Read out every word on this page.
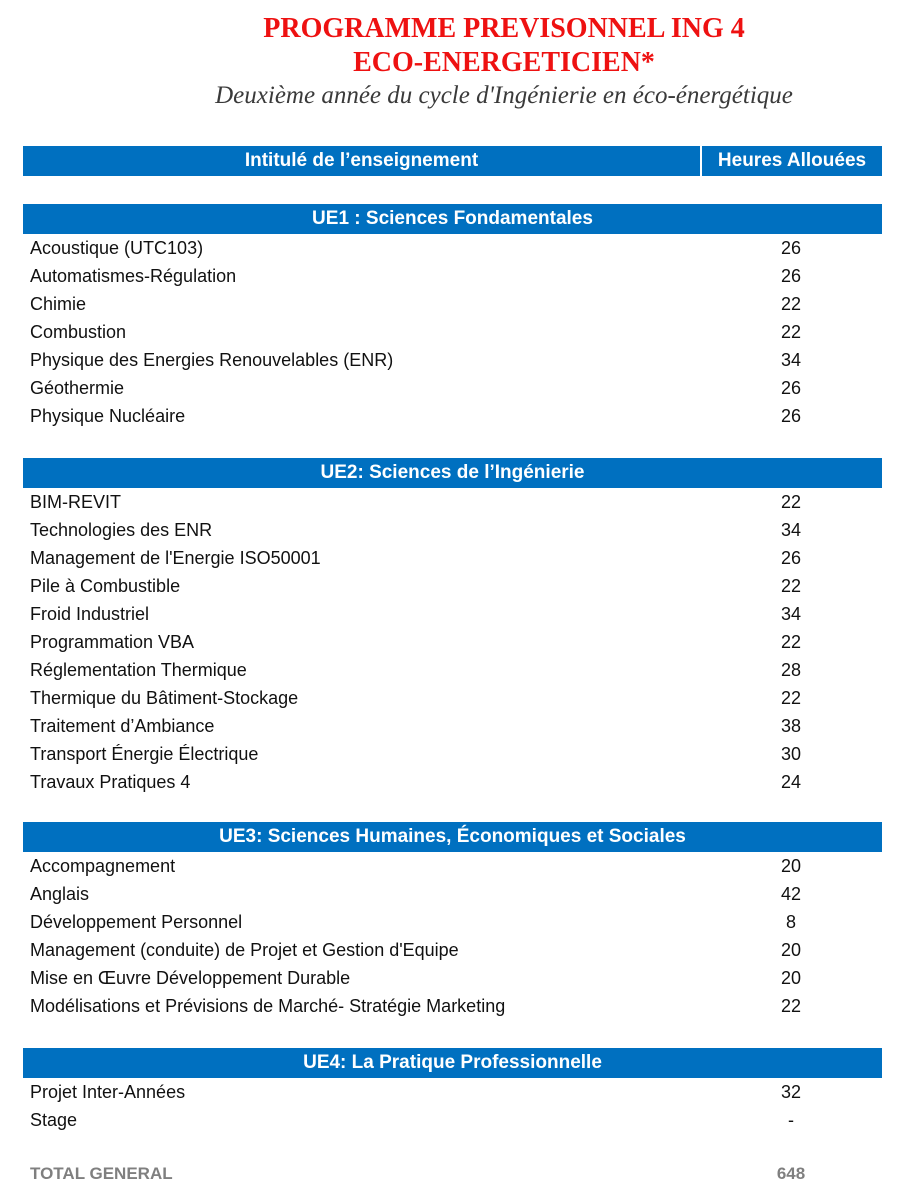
PROGRAMME PREVISONNEL ING 4
ECO-ENERGETICIEN*
Deuxième année du cycle d'Ingénierie en éco-énergétique
Intitulé de l’enseignement	Heures Allouées
UE1 : Sciences Fondamentales
Acoustique (UTC103)	26
Automatismes-Régulation	26
Chimie	22
Combustion	22
Physique des Energies Renouvelables (ENR)	34
Géothermie	26
Physique Nucléaire	26
UE2: Sciences de l’Ingénierie
BIM-REVIT	22
Technologies des ENR	34
Management de l'Energie ISO50001	26
Pile à Combustible	22
Froid Industriel	34
Programmation VBA	22
Réglementation Thermique	28
Thermique du Bâtiment-Stockage	22
Traitement d’Ambiance	38
Transport Énergie Électrique	30
Travaux Pratiques 4	24
UE3: Sciences Humaines, Économiques et Sociales
Accompagnement	20
Anglais	42
Développement Personnel	8
Management (conduite) de Projet et Gestion d'Equipe	20
Mise en Œuvre Développement Durable	20
Modélisations et Prévisions de Marché- Stratégie Marketing	22
UE4: La Pratique Professionnelle
Projet Inter-Années	32
Stage	-
TOTAL GENERAL	648
